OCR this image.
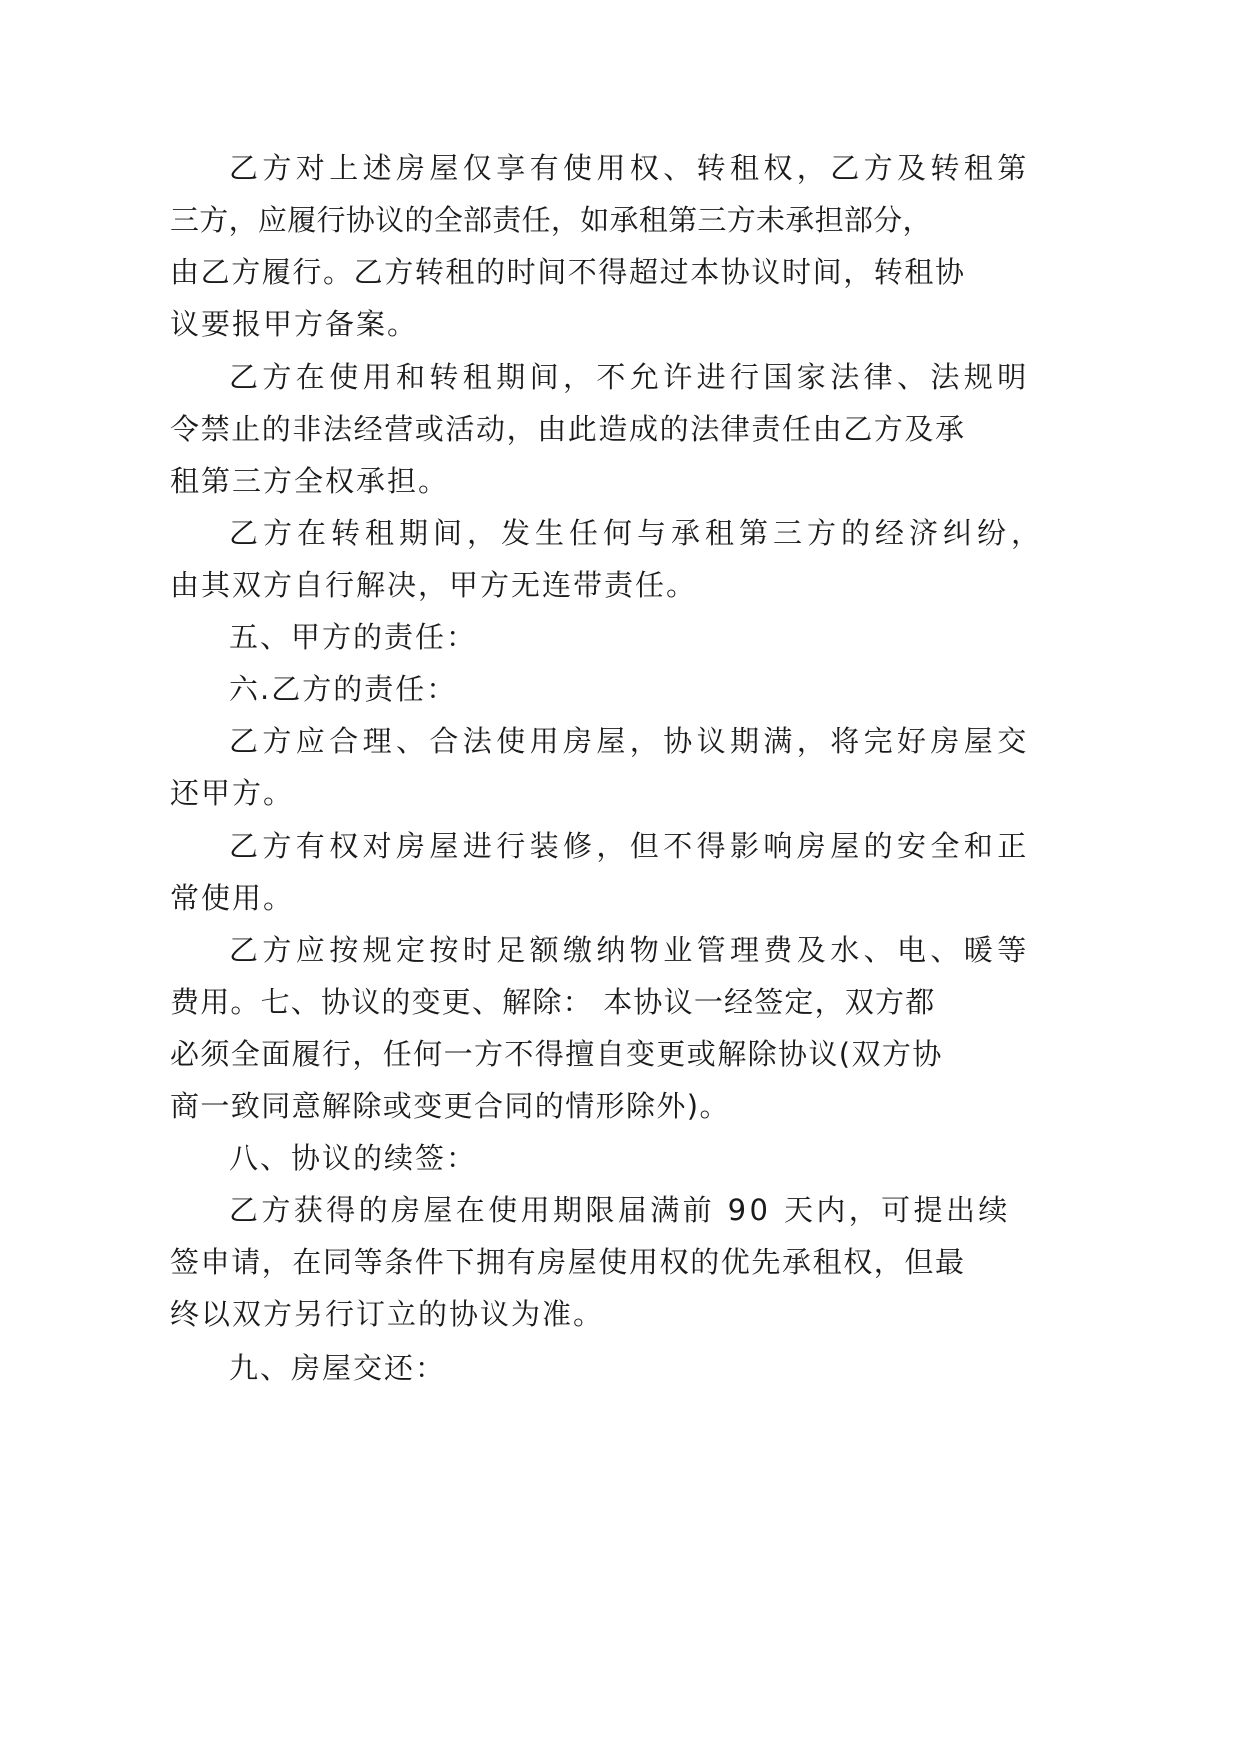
乙方对上述房屋仅享有使用权、转租权，乙方及转租第

三方，应履行协议的全部责任，如承租第三方未承担部分，

由乙方履行。乙方转租的时间不得超过本协议时间，转租协

议要报甲方备案。

乙方在使用和转租期间，不允许进行国家法律、法规明

令禁止的非法经营或活动，由此造成的法律责任由乙方及承

租第三方全权承担。

乙方在转租期间，发生任何与承租第三方的经济纠纷，

由其双方自行解决，甲方无连带责任。

五、甲方的责任：

六.乙方的责任：

乙方应合理、合法使用房屋，协议期满，将完好房屋交

还甲方。

乙方有权对房屋进行装修，但不得影响房屋的安全和正

常使用。

乙方应按规定按时足额缴纳物业管理费及水、电、暖等

费用。七、协议的变更、解除： 本协议一经签定，双方都

必须全面履行，任何一方不得擅自变更或解除协议(双方协

商一致同意解除或变更合同的情形除外)。

八、协议的续签：

乙方获得的房屋在使用期限届满前 90 天内，可提出续

签申请，在同等条件下拥有房屋使用权的优先承租权，但最

终以双方另行订立的协议为准。

九、房屋交还：
